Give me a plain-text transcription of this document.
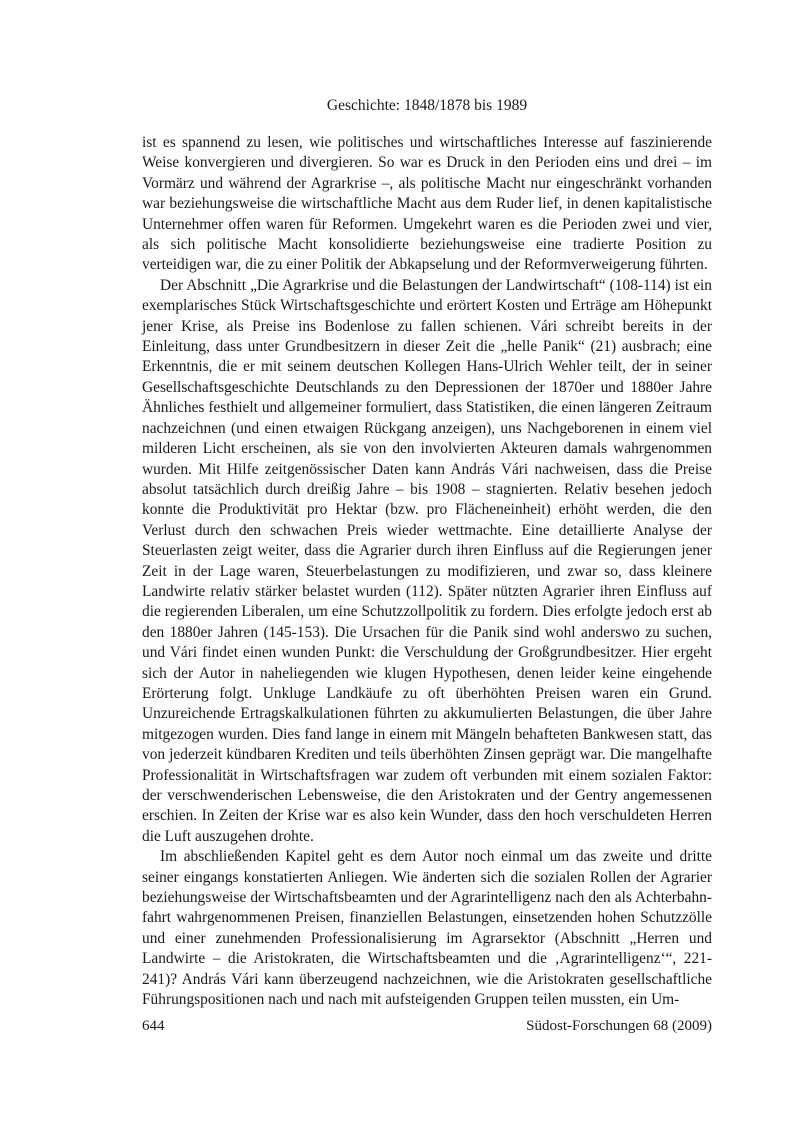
Geschichte: 1848/1878 bis 1989

ist es spannend zu lesen, wie politisches und wirtschaftliches Interesse auf faszinierende Weise konvergieren und divergieren. So war es Druck in den Perioden eins und drei – im Vormärz und während der Agrarkrise –, als politische Macht nur eingeschränkt vorhanden war beziehungsweise die wirtschaftliche Macht aus dem Ruder lief, in denen kapitalistische Unternehmer offen waren für Reformen. Umgekehrt waren es die Perioden zwei und vier, als sich politische Macht konsolidierte beziehungsweise eine tradierte Position zu verteidigen war, die zu einer Politik der Abkapselung und der Reformverweigerung führten.

Der Abschnitt „Die Agrarkrise und die Belastungen der Landwirtschaft“ (108-114) ist ein exemplarisches Stück Wirtschaftsgeschichte und erörtert Kosten und Erträge am Höhepunkt jener Krise, als Preise ins Bodenlose zu fallen schienen. Vári schreibt bereits in der Einleitung, dass unter Grundbesitzern in dieser Zeit die „helle Panik“ (21) ausbrach; eine Erkenntnis, die er mit seinem deutschen Kollegen Hans-Ulrich Wehler teilt, der in seiner Gesellschaftsgeschichte Deutschlands zu den Depressionen der 1870er und 1880er Jahre Ähnliches festhielt und allgemeiner formuliert, dass Statistiken, die einen längeren Zeitraum nachzeichnen (und einen etwaigen Rückgang anzeigen), uns Nachgeborenen in einem viel milderen Licht erscheinen, als sie von den involvierten Akteuren damals wahrgenommen wurden. Mit Hilfe zeitgenössischer Daten kann András Vári nachweisen, dass die Preise absolut tatsächlich durch dreißig Jahre – bis 1908 – stagnierten. Relativ besehen jedoch konnte die Produktivität pro Hektar (bzw. pro Flächeneinheit) erhöht werden, die den Verlust durch den schwachen Preis wieder wettmachte. Eine detaillierte Analyse der Steuerlasten zeigt weiter, dass die Agrarier durch ihren Einfluss auf die Regierungen jener Zeit in der Lage waren, Steuerbelastungen zu modifizieren, und zwar so, dass kleinere Landwirte relativ stärker belastet wurden (112). Später nützten Agrarier ihren Einfluss auf die regierenden Liberalen, um eine Schutzzollpolitik zu fordern. Dies erfolgte jedoch erst ab den 1880er Jahren (145-153). Die Ursachen für die Panik sind wohl anderswo zu suchen, und Vári findet einen wunden Punkt: die Verschuldung der Großgrundbesitzer. Hier ergeht sich der Autor in naheliegenden wie klugen Hypothesen, denen leider keine eingehende Erörterung folgt. Unkluge Landkäufe zu oft überhöhten Preisen waren ein Grund. Unzureichende Ertragskalkulationen führten zu akkumulierten Belastungen, die über Jahre mitgezogen wurden. Dies fand lange in einem mit Mängeln behafteten Bankwesen statt, das von jederzeit kündbaren Krediten und teils überhöhten Zinsen geprägt war. Die mangelhafte Professionalität in Wirtschaftsfragen war zudem oft verbunden mit einem sozialen Faktor: der verschwenderischen Lebensweise, die den Aristokraten und der Gentry angemessenen erschien. In Zeiten der Krise war es also kein Wunder, dass den hoch verschuldeten Herren die Luft auszugehen drohte.

Im abschließenden Kapitel geht es dem Autor noch einmal um das zweite und dritte seiner eingangs konstatierten Anliegen. Wie änderten sich die sozialen Rollen der Agrarier beziehungsweise der Wirtschaftsbeamten und der Agrarintelligenz nach den als Achterbahnfahrt wahrgenommenen Preisen, finanziellen Belastungen, einsetzenden hohen Schutzzölle und einer zunehmenden Professionalisierung im Agrarsektor (Abschnitt „Herren und Landwirte – die Aristokraten, die Wirtschaftsbeamten und die ‚Agrarintelligenz‘“, 221-241)? András Vári kann überzeugend nachzeichnen, wie die Aristokraten gesellschaftliche Führungspositionen nach und nach mit aufsteigenden Gruppen teilen mussten, ein Um-

644	Südost-Forschungen 68 (2009)
